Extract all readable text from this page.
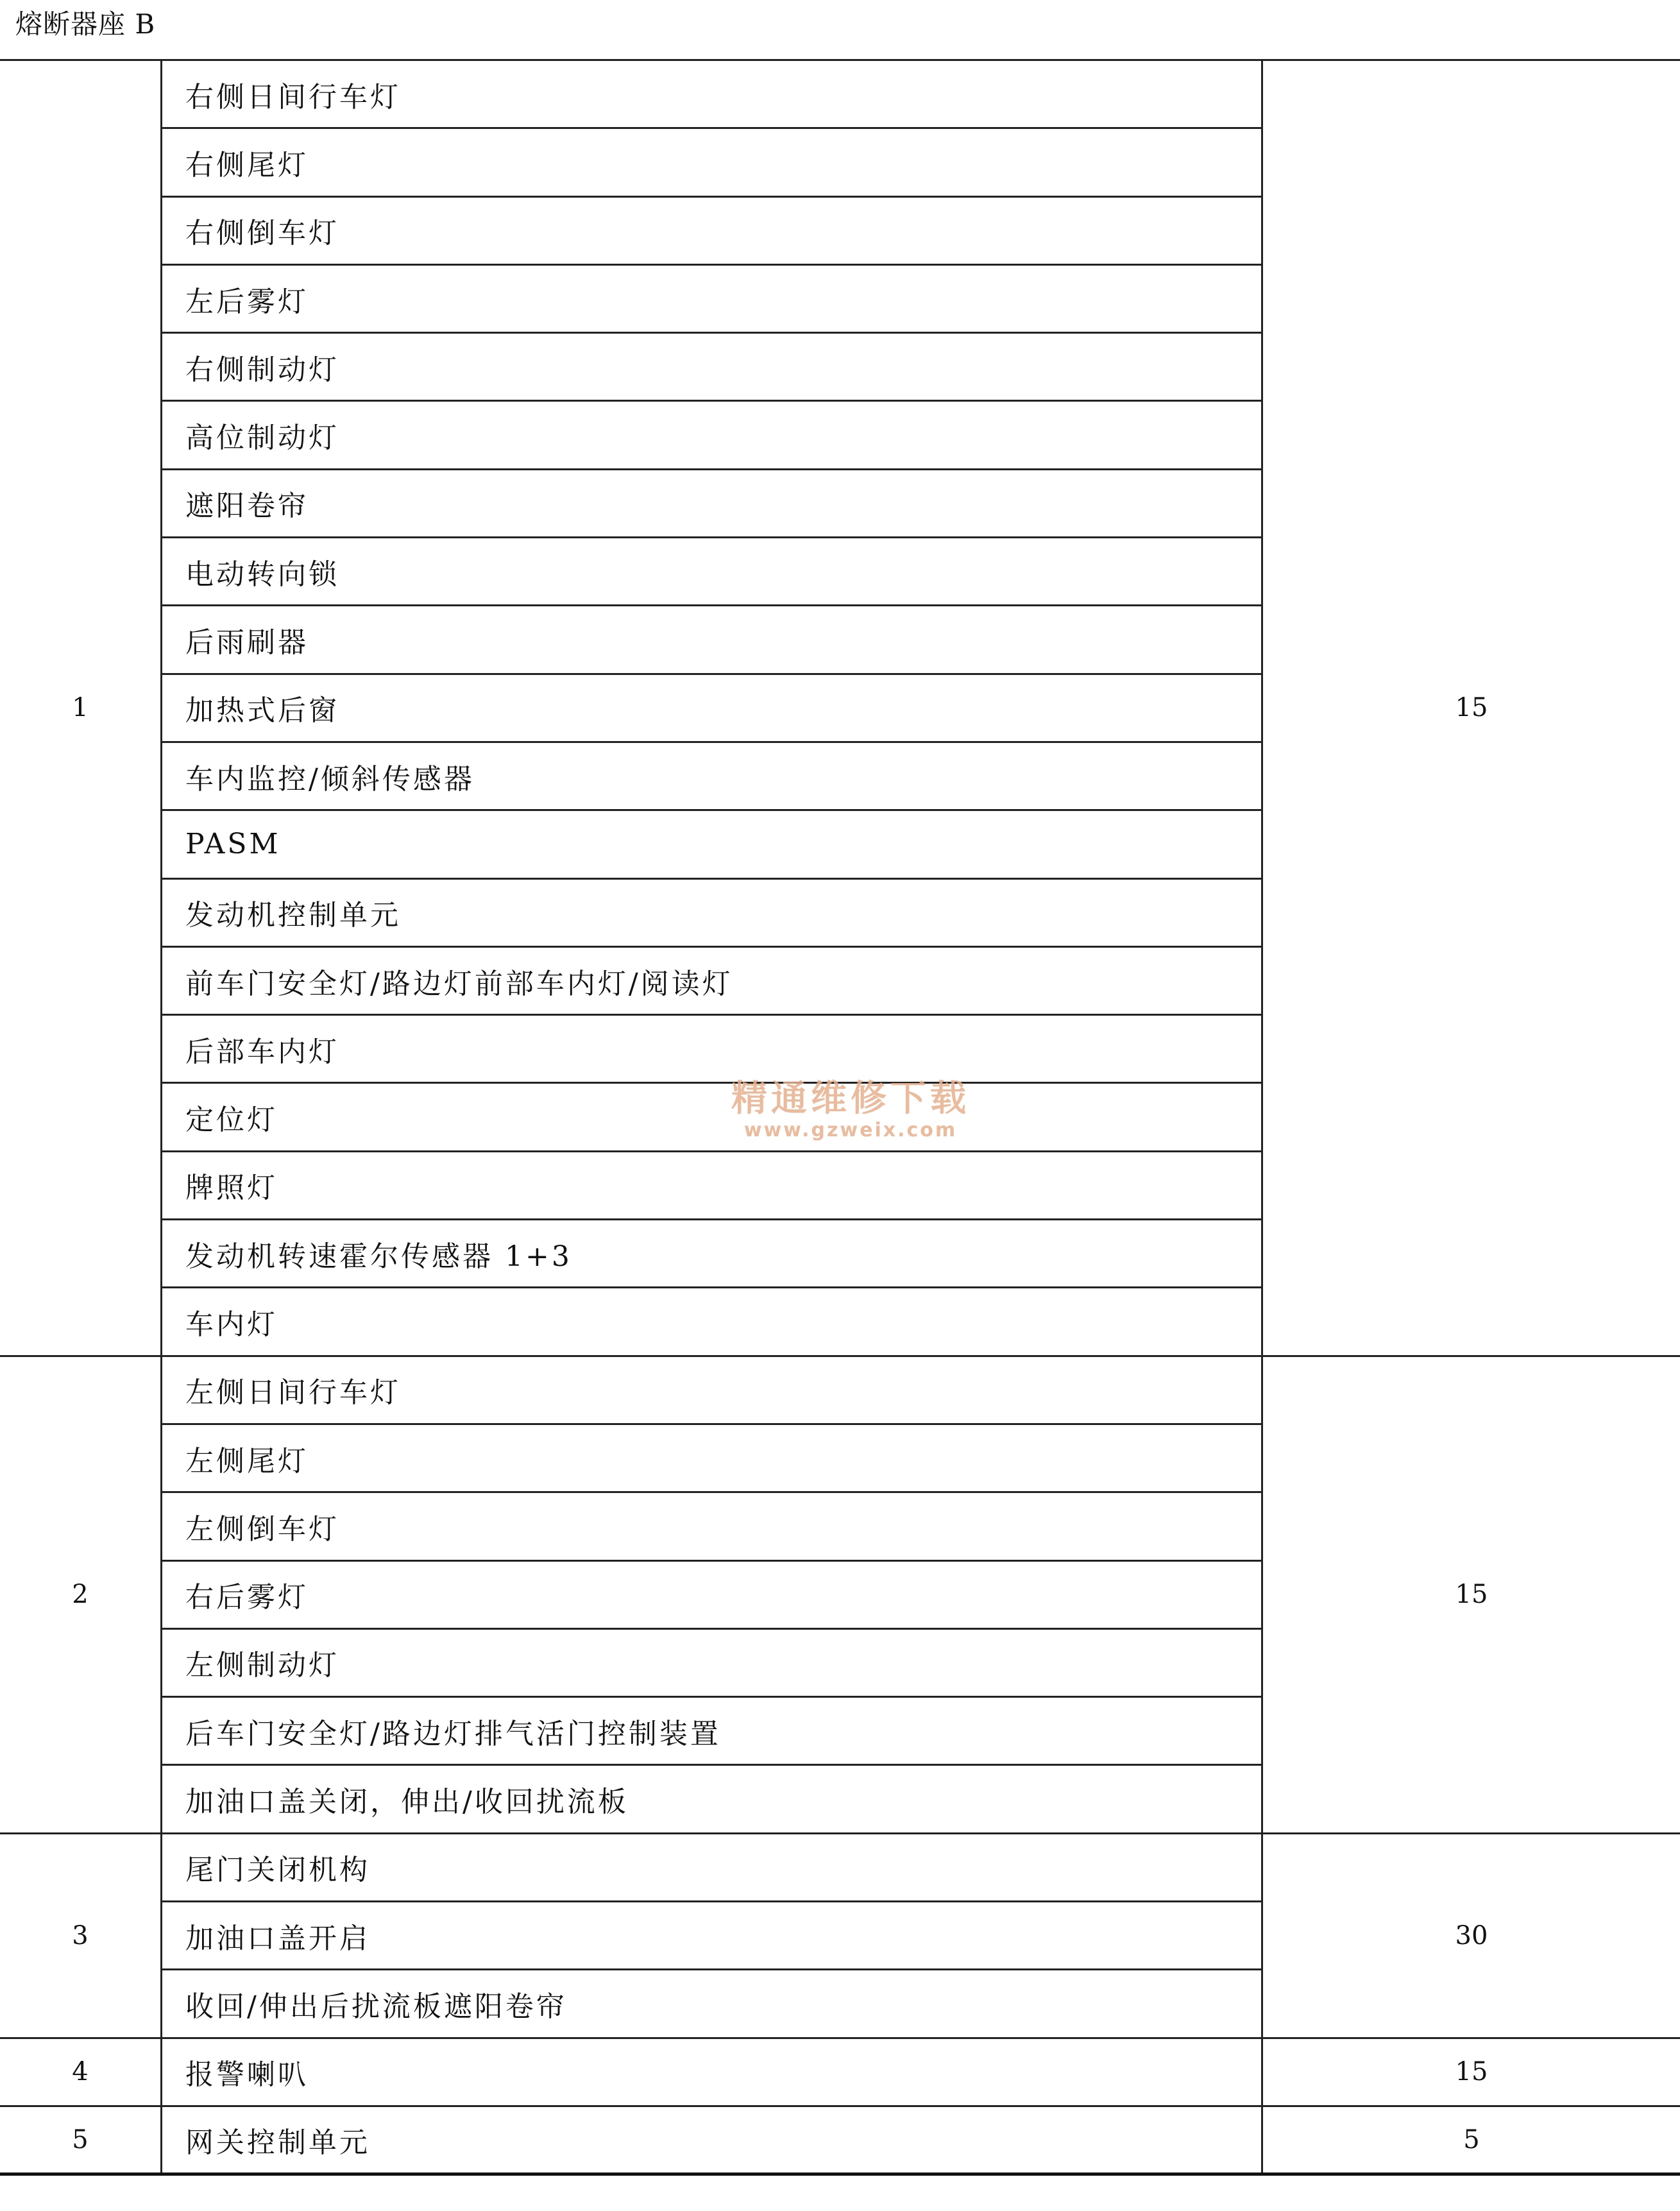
熔断器座 B
1	右侧日间行车灯	15
	右侧尾灯	
	右侧倒车灯	
	左后雾灯	
	右侧制动灯	
	高位制动灯	
	遮阳卷帘	
	电动转向锁	
	后雨刷器	
	加热式后窗	
	车内监控/倾斜传感器	
	PASM	
	发动机控制单元	
	前车门安全灯/路边灯前部车内灯/阅读灯	
	后部车内灯	
	定位灯	
	牌照灯	
	发动机转速霍尔传感器 1+3	
	车内灯	
2	左侧日间行车灯	15
	左侧尾灯	
	左侧倒车灯	
	右后雾灯	
	左侧制动灯	
	后车门安全灯/路边灯排气活门控制装置	
	加油口盖关闭，伸出/收回扰流板	
3	尾门关闭机构	30
	加油口盖开启	
	收回/伸出后扰流板遮阳卷帘	
4	报警喇叭	15
5	网关控制单元	5
精通维修下载
www.gzweix.com
